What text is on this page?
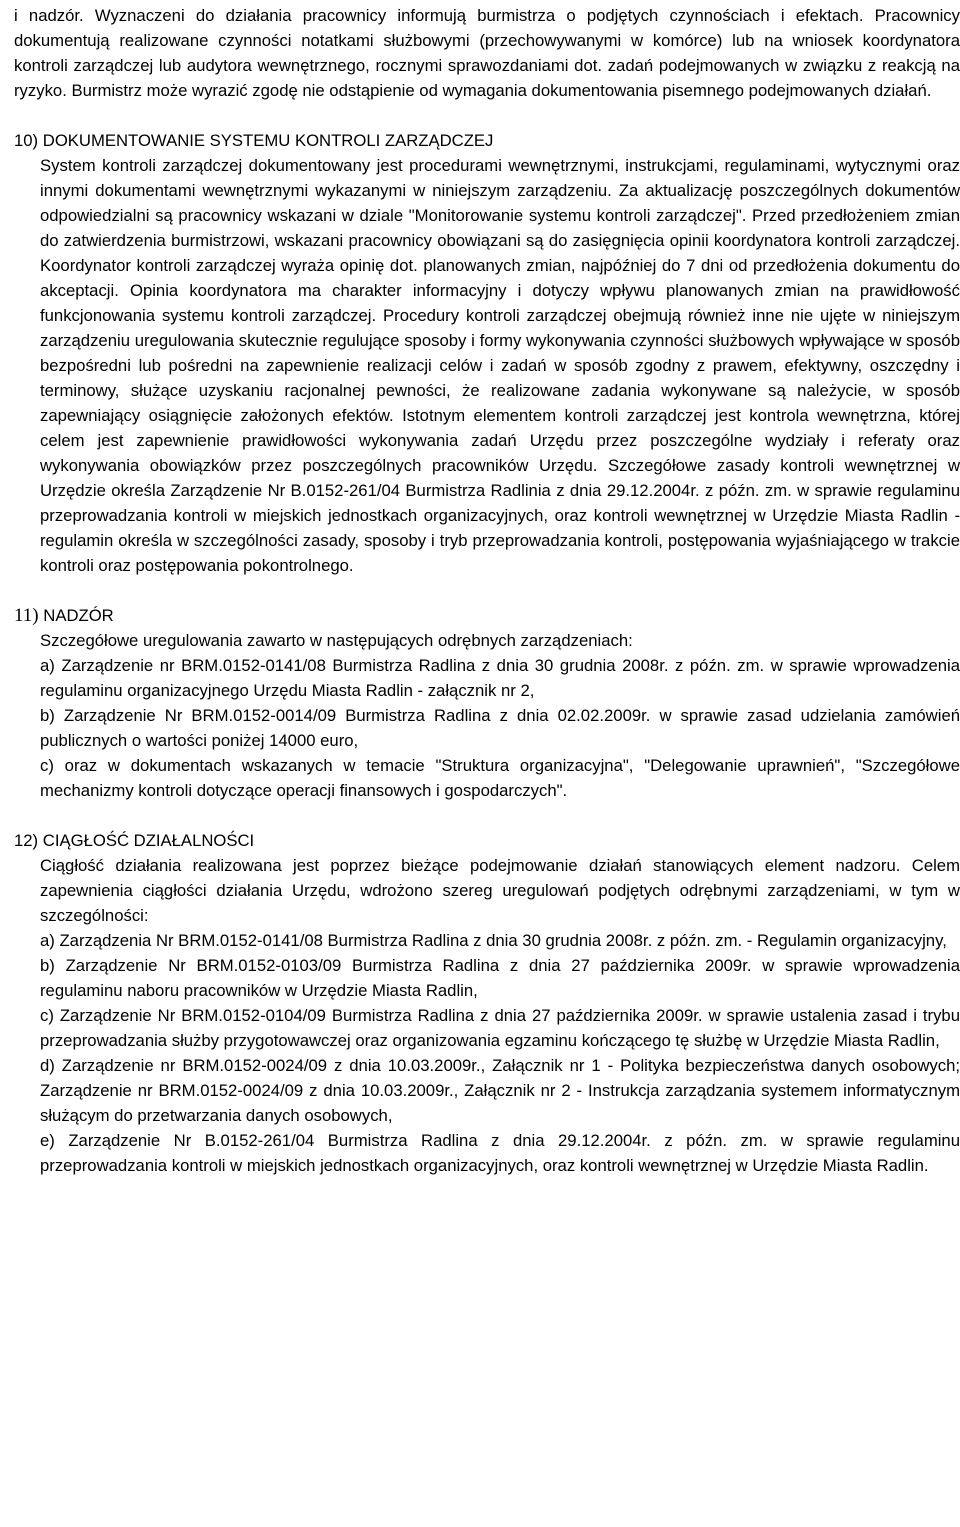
i nadzór. Wyznaczeni do działania pracownicy informują burmistrza o podjętych czynnościach i efektach. Pracownicy dokumentują realizowane czynności notatkami służbowymi (przechowywanymi w komórce) lub na wniosek koordynatora kontroli zarządczej lub audytora wewnętrznego, rocznymi sprawozdaniami dot. zadań podejmowanych w związku z reakcją na ryzyko. Burmistrz może wyrazić zgodę nie odstąpienie od wymagania dokumentowania pisemnego podejmowanych działań.
10) DOKUMENTOWANIE SYSTEMU KONTROLI ZARZĄDCZEJ
System kontroli zarządczej dokumentowany jest procedurami wewnętrznymi, instrukcjami, regulaminami, wytycznymi oraz innymi dokumentami wewnętrznymi wykazanymi w niniejszym zarządzeniu. Za aktualizację poszczególnych dokumentów odpowiedzialni są pracownicy wskazani w dziale "Monitorowanie systemu kontroli zarządczej". Przed przedłożeniem zmian do zatwierdzenia burmistrzowi, wskazani pracownicy obowiązani są do zasięgnięcia opinii koordynatora kontroli zarządczej. Koordynator kontroli zarządczej wyraża opinię dot. planowanych zmian, najpóźniej do 7 dni od przedłożenia dokumentu do akceptacji. Opinia koordynatora ma charakter informacyjny i dotyczy wpływu planowanych zmian na prawidłowość funkcjonowania systemu kontroli zarządczej. Procedury kontroli zarządczej obejmują również inne nie ujęte w niniejszym zarządzeniu uregulowania skutecznie regulujące sposoby i formy wykonywania czynności służbowych wpływające w sposób bezpośredni lub pośredni na zapewnienie realizacji celów i zadań w sposób zgodny z prawem, efektywny, oszczędny i terminowy, służące uzyskaniu racjonalnej pewności, że realizowane zadania wykonywane są należycie, w sposób zapewniający osiągnięcie założonych efektów. Istotnym elementem kontroli zarządczej jest kontrola wewnętrzna, której celem jest zapewnienie prawidłowości wykonywania zadań Urzędu przez poszczególne wydziały i referaty oraz wykonywania obowiązków przez poszczególnych pracowników Urzędu. Szczegółowe zasady kontroli wewnętrznej w Urzędzie określa Zarządzenie Nr B.0152-261/04 Burmistrza Radlinia z dnia 29.12.2004r. z późn. zm. w sprawie regulaminu przeprowadzania kontroli w miejskich jednostkach organizacyjnych, oraz kontroli wewnętrznej w Urzędzie Miasta Radlin - regulamin określa w szczególności zasady, sposoby i tryb przeprowadzania kontroli, postępowania wyjaśniającego w trakcie kontroli oraz postępowania pokontrolnego.
11) NADZÓR
Szczegółowe uregulowania zawarto w następujących odrębnych zarządzeniach:
a) Zarządzenie nr BRM.0152-0141/08 Burmistrza Radlina z dnia 30 grudnia 2008r. z późn. zm. w sprawie wprowadzenia regulaminu organizacyjnego Urzędu Miasta Radlin - załącznik nr 2,
b) Zarządzenie Nr BRM.0152-0014/09 Burmistrza Radlina z dnia 02.02.2009r. w sprawie zasad udzielania zamówień publicznych o wartości poniżej 14000 euro,
c) oraz w dokumentach wskazanych w temacie "Struktura organizacyjna", "Delegowanie uprawnień", "Szczegółowe mechanizmy kontroli dotyczące operacji finansowych i gospodarczych".
12) CIĄGŁOŚĆ DZIAŁALNOŚCI
Ciągłość działania realizowana jest poprzez bieżące podejmowanie działań stanowiących element nadzoru. Celem zapewnienia ciągłości działania Urzędu, wdrożono szereg uregulowań podjętych odrębnymi zarządzeniami, w tym w szczególności:
a) Zarządzenia Nr BRM.0152-0141/08 Burmistrza Radlina z dnia 30 grudnia 2008r. z późn. zm. - Regulamin organizacyjny,
b) Zarządzenie Nr BRM.0152-0103/09 Burmistrza Radlina z dnia 27 października 2009r. w sprawie wprowadzenia regulaminu naboru pracowników w Urzędzie Miasta Radlin,
c) Zarządzenie Nr BRM.0152-0104/09 Burmistrza Radlina z dnia 27 października 2009r. w sprawie ustalenia zasad i trybu przeprowadzania służby przygotowawczej oraz organizowania egzaminu kończącego tę służbę w Urzędzie Miasta Radlin,
d) Zarządzenie nr BRM.0152-0024/09 z dnia 10.03.2009r., Załącznik nr 1 - Polityka bezpieczeństwa danych osobowych; Zarządzenie nr BRM.0152-0024/09 z dnia 10.03.2009r., Załącznik nr 2 - Instrukcja zarządzania systemem informatycznym służącym do przetwarzania danych osobowych,
e) Zarządzenie Nr B.0152-261/04 Burmistrza Radlina z dnia 29.12.2004r. z późn. zm. w sprawie regulaminu przeprowadzania kontroli w miejskich jednostkach organizacyjnych, oraz kontroli wewnętrznej w Urzędzie Miasta Radlin.
